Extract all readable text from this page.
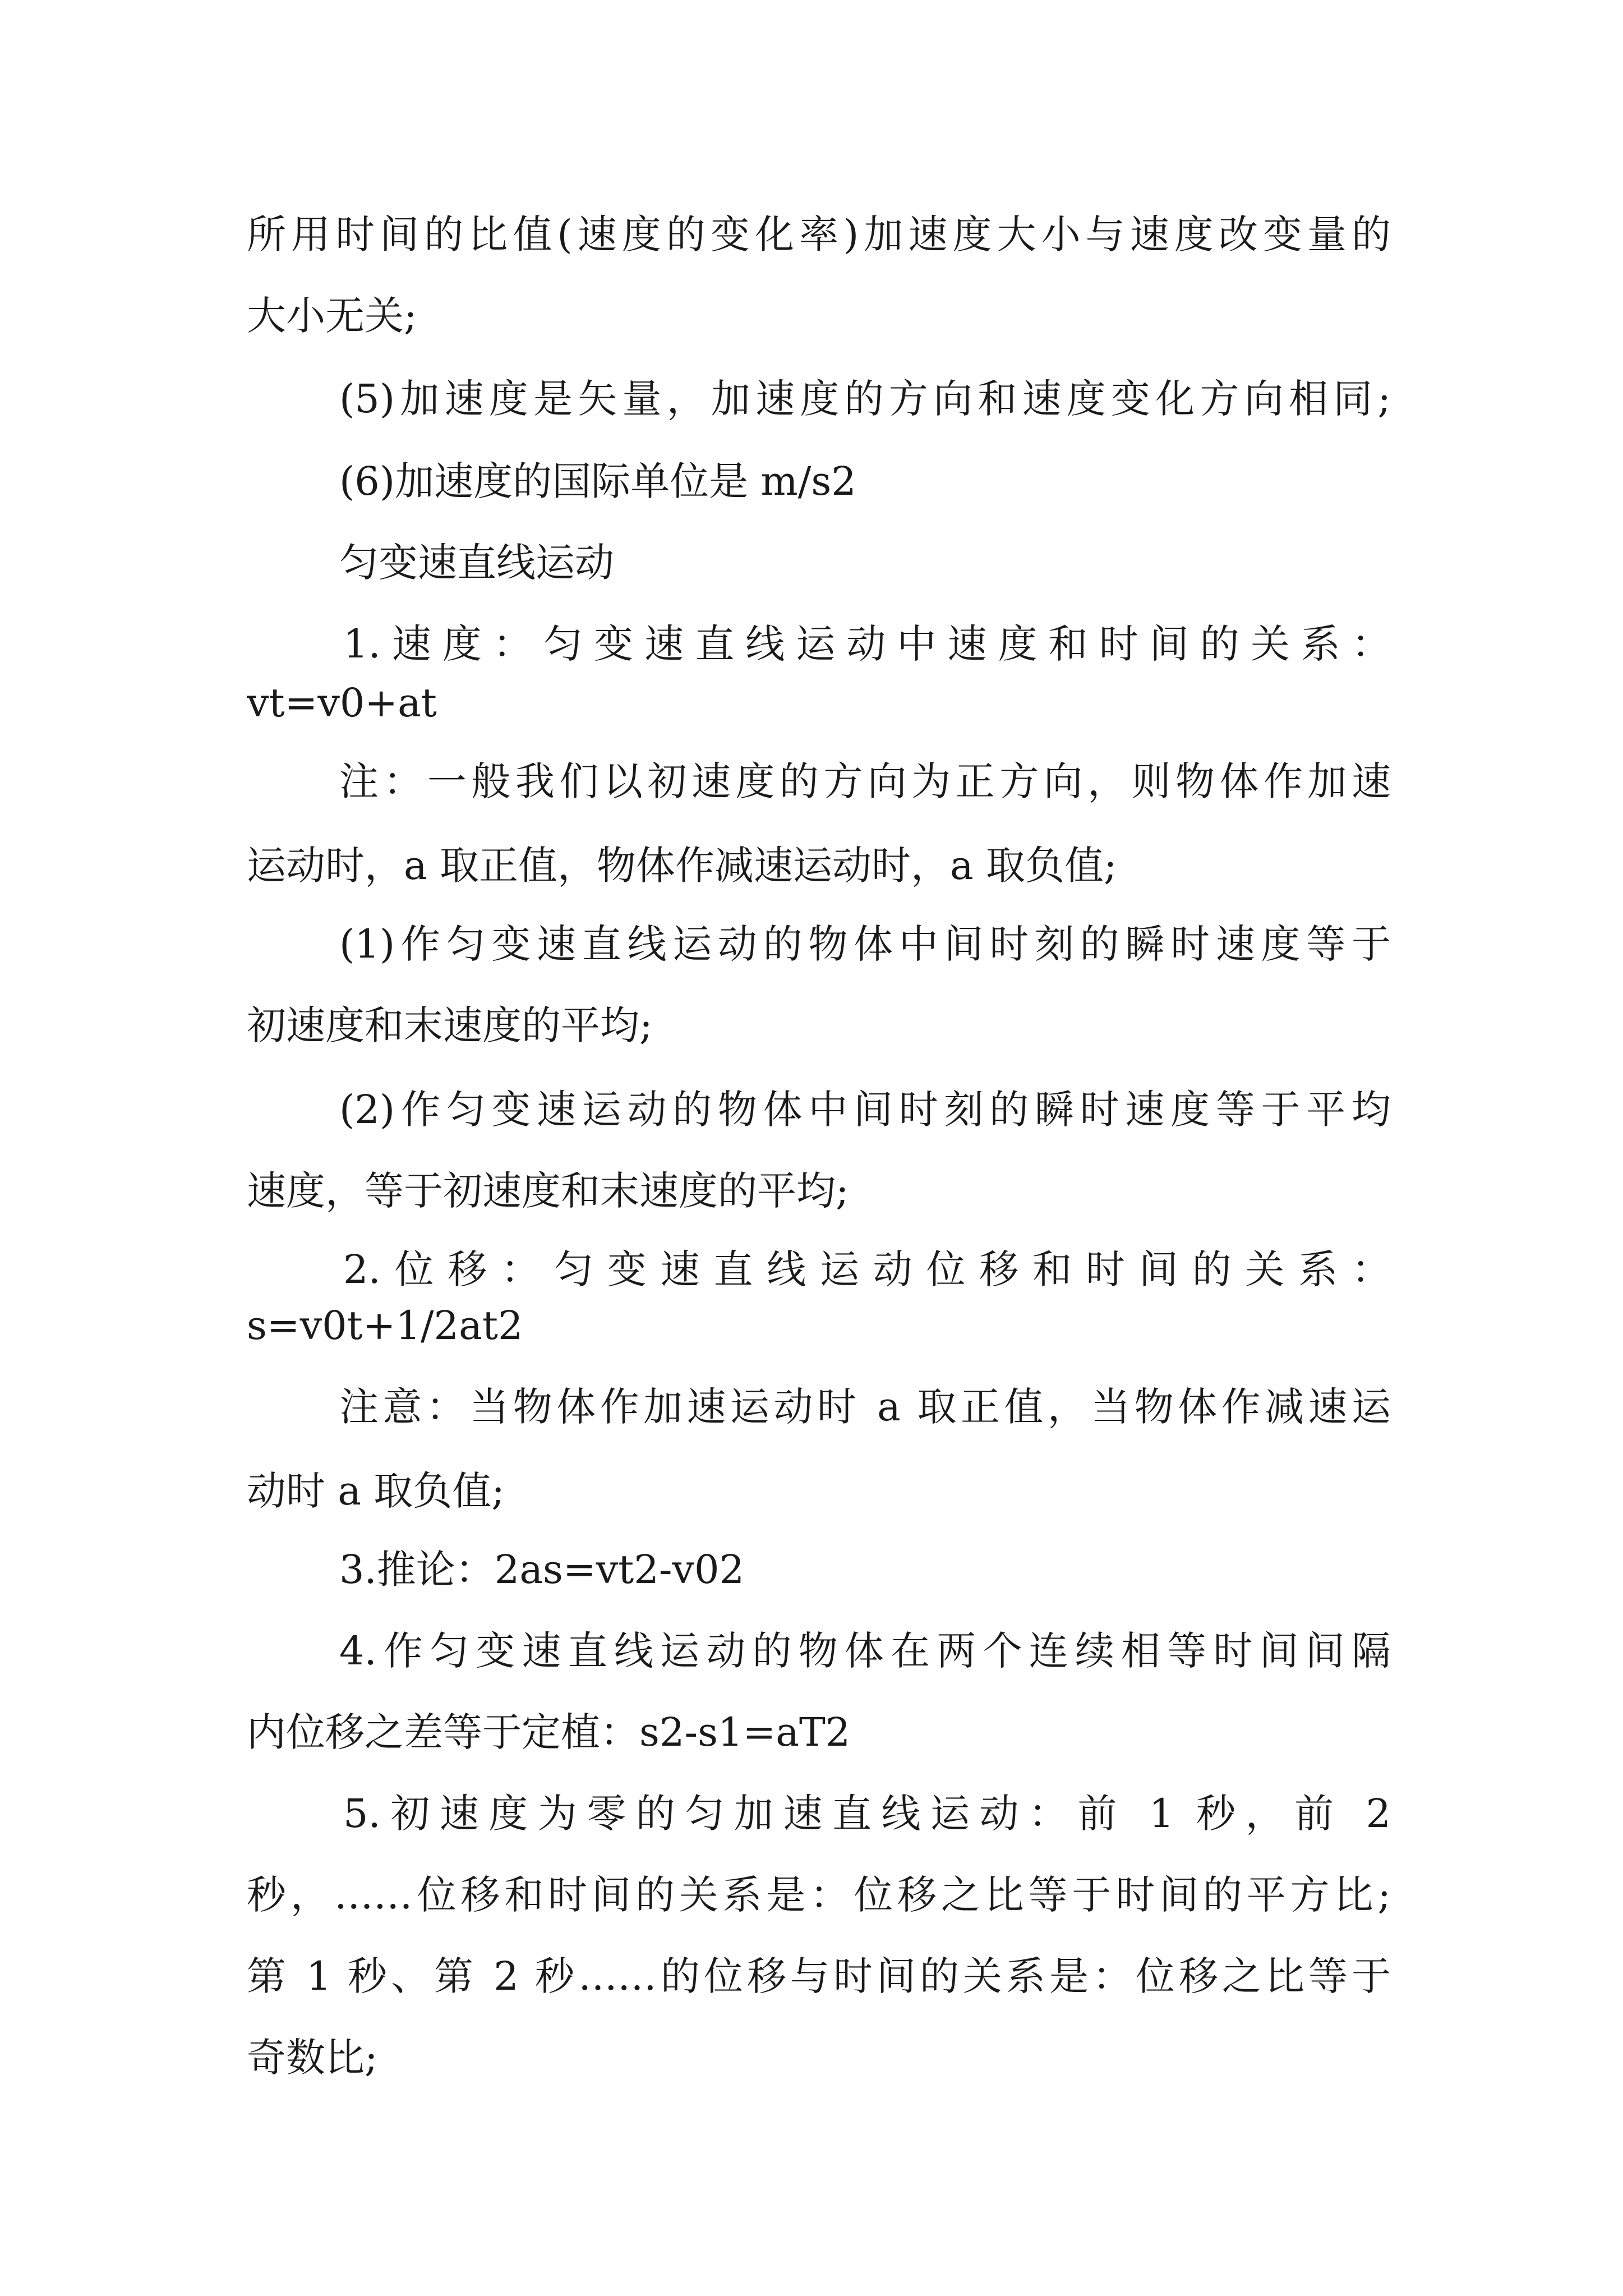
所用时间的比值(速度的变化率)加速度大小与速度改变量的
大小无关;
(5)加速度是矢量，加速度的方向和速度变化方向相同;
(6)加速度的国际单位是 m/s2
匀变速直线运动
1.速度：匀变速直线运动中速度和时间的关系：
vt=v0+at
注：一般我们以初速度的方向为正方向，则物体作加速
运动时，a 取正值，物体作减速运动时，a 取负值;
(1)作匀变速直线运动的物体中间时刻的瞬时速度等于
初速度和末速度的平均;
(2)作匀变速运动的物体中间时刻的瞬时速度等于平均
速度，等于初速度和末速度的平均;
2.位移：匀变速直线运动位移和时间的关系：
s=v0t+1/2at2
注意：当物体作加速运动时 a 取正值，当物体作减速运
动时 a 取负值;
3.推论：2as=vt2-v02
4.作匀变速直线运动的物体在两个连续相等时间间隔
内位移之差等于定植：s2-s1=aT2
5.初速度为零的匀加速直线运动：前 1 秒，前 2
秒，……位移和时间的关系是：位移之比等于时间的平方比;
第 1 秒、第 2 秒……的位移与时间的关系是：位移之比等于
奇数比;
